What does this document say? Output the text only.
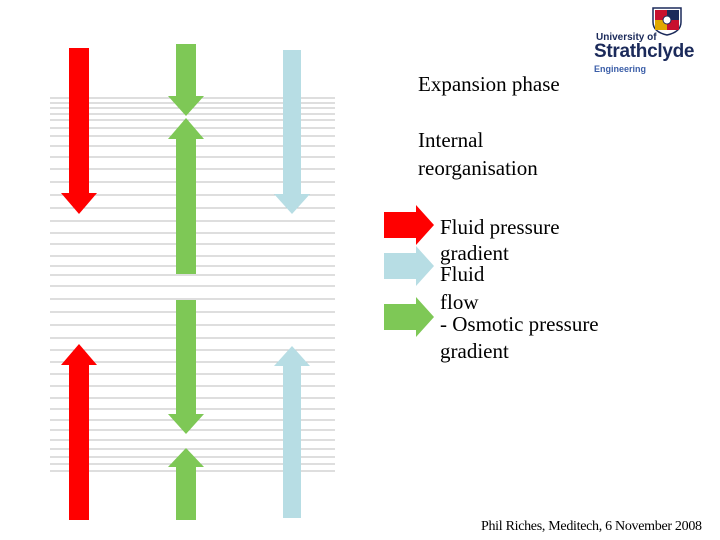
Expansion phase
Internal
reorganisation
Fluid pressure
gradient
Fluid
flow
- Osmotic pressure
gradient
Phil Riches, Meditech, 6 November 2008
University of
Strathclyde
Engineering
